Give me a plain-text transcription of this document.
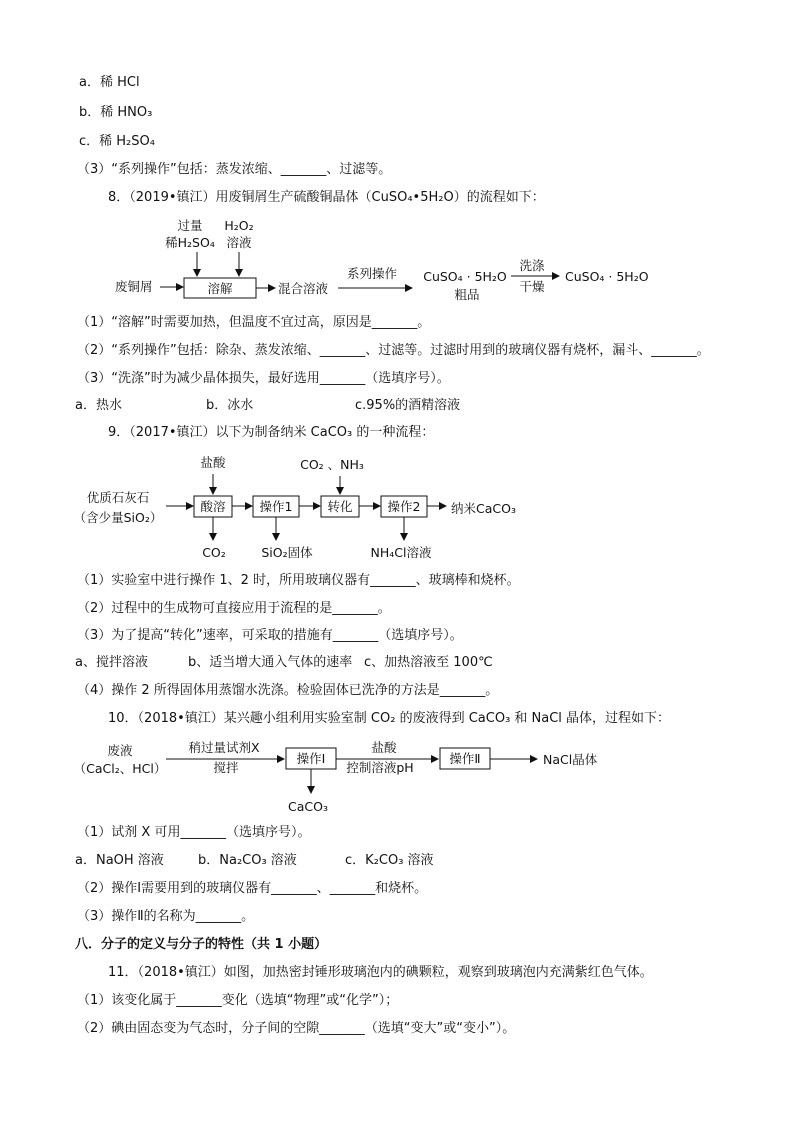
a．稀 HCl
b．稀 HNO₃
c．稀 H₂SO₄
（3）“系列操作”包括：蒸发浓缩、_______、过滤等。
8．（2019•镇江）用废铜屑生产硫酸铜晶体（CuSO₄•5H₂O）的流程如下：
过量
稀H₂SO₄
H₂O₂
溶液
废铜屑	溶解	混合溶液
系列操作 CuSO₄ · 5H₂O
粗品
洗涤
干燥
CuSO₄ · 5H₂O
（1）“溶解”时需要加热，但温度不宜过高，原因是_______。
（2）“系列操作”包括：除杂、蒸发浓缩、_______、过滤等。过滤时用到的玻璃仪器有烧杯，漏斗、_______。
（3）“洗涤”时为减少晶体损失，最好选用_______（选填序号）。
a．热水	b．冰水	c.95%的酒精溶液
9．（2017•镇江）以下为制备纳米 CaCO₃ 的一种流程：
盐酸	CO₂ 、NH₃
优质石灰石
（含少量SiO₂）
酸溶	操作1	转化	操作2 纳米CaCO₃
CO₂	SiO₂固体	NH₄Cl溶液
（1）实验室中进行操作 1、2 时，所用玻璃仪器有_______、玻璃棒和烧杯。
（2）过程中的生成物可直接应用于流程的是_______。
（3）为了提高“转化”速率，可采取的措施有_______（选填序号）。
a、搅拌溶液	b、适当增大通入气体的速率 c、加热溶液至 100℃
（4）操作 2 所得固体用蒸馏水洗涤。检验固体已洗净的方法是_______。
10．（2018•镇江）某兴趣小组利用实验室制 CO₂ 的废液得到 CaCO₃ 和 NaCl 晶体，过程如下：
废液
（CaCl₂、HCl）
稍过量试剂X
搅拌
操作Ⅰ
盐酸
控制溶液pH
操作Ⅱ	NaCl晶体
CaCO₃
（1）试剂 X 可用_______（选填序号）。
a．NaOH 溶液	b．Na₂CO₃ 溶液	c．K₂CO₃ 溶液
（2）操作Ⅰ需要用到的玻璃仪器有_______、_______和烧杯。
（3）操作Ⅱ的名称为_______。
八．分子的定义与分子的特性（共 1 小题）
11．（2018•镇江）如图，加热密封锤形玻璃泡内的碘颗粒，观察到玻璃泡内充满紫红色气体。
（1）该变化属于_______变化（选填“物理”或“化学”）；
（2）碘由固态变为气态时，分子间的空隙_______（选填“变大”或“变小”）。
